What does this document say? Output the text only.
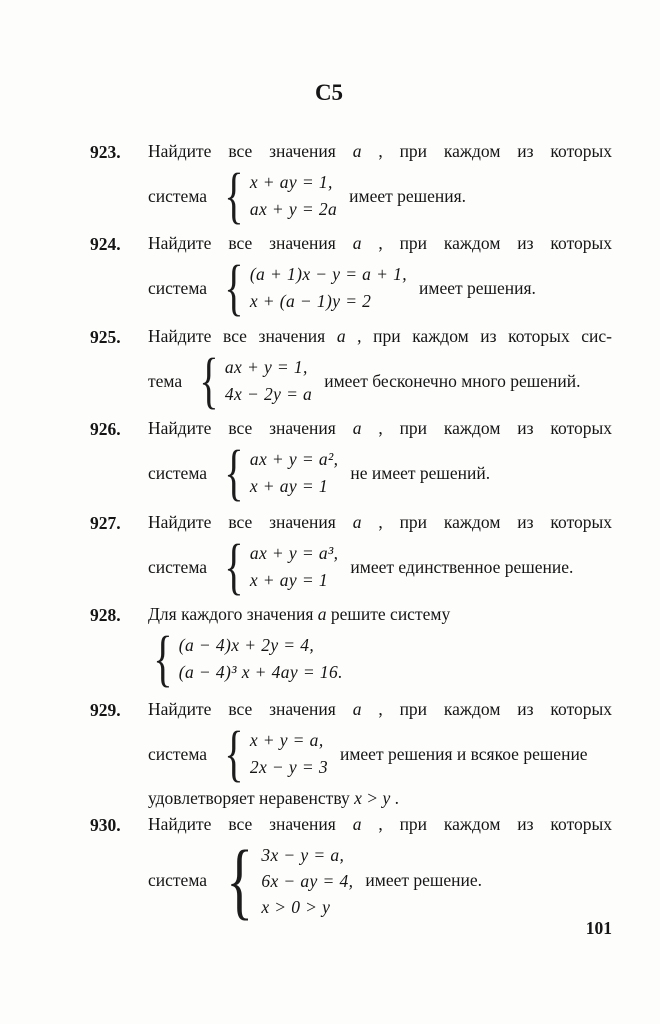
С5
923. Найдите все значения a , при каждом из которых

система { x + ay = 1,
ax + y = 2a
имеет решения.
924. Найдите все значения a , при каждом из которых

система { (a + 1)x − y = a + 1,
x + (a − 1)y = 2
имеет решения.
925. Найдите все значения a , при каждом из которых сис-

тема { ax + y = 1,
4x − 2y = a
имеет бесконечно много решений.
926. Найдите все значения a , при каждом из которых

система { ax + y = a²,
x + ay = 1
не имеет решений.
927. Найдите все значения a , при каждом из которых

система { ax + y = a³,
x + ay = 1
имеет единственное решение.
928. Для каждого значения a решите систему

{ (a − 4)x + 2y = 4,
(a − 4)³ x + 4ay = 16.
929. Найдите все значения a , при каждом из которых

система { x + y = a,
2x − y = 3
имеет решения и всякое решение

удовлетворяет неравенству x > y .

930. Найдите все значения a , при каждом из которых

система { 3x − y = a,
6x − ay = 4,
x > 0 > y
имеет решение.
101
